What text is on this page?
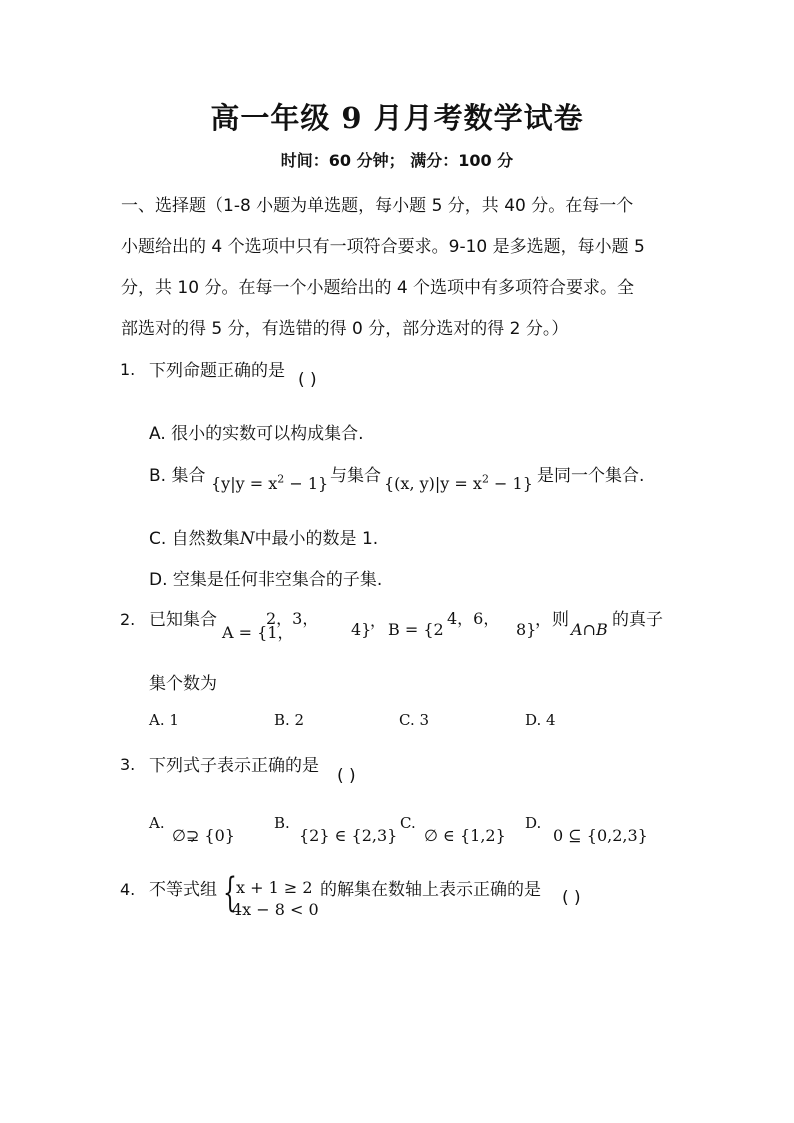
高一年级 9 月月考数学试卷
时间：60 分钟； 满分：100 分

一、选择题（1-8 小题为单选题，每小题 5 分，共 40 分。在每一个

小题给出的 4 个选项中只有一项符合要求。9-10 是多选题，每小题 5

分，共 10 分。在每一个小题给出的 4 个选项中有多项符合要求。全

部选对的得 5 分，有选错的得 0 分，部分选对的得 2 分。）

1. 下列命题正确的是 ( )
A. 很小的实数可以构成集合.
B. 集合 $\{y|y = x^2 - 1\}$ 与集合 {(x, $y)|y = x^2 - 1$} 是同一个集合.
C. 自然数集N中最小的数是 1.
D. 空集是任何非空集合的子集.
2. 已知集合	2，3，
A = {1，	4}
， B = {2
4，6，
8}
，则 A∩B 的真子
集个数为
A. 1	B. 2	C. 3	D. 4
3. 下列式子表示正确的是 ( )
A.
∅⊋ {0}
B.
{2} ∈ {2,3}
C.
∅ ∈ {1,2}
D.
0 ⊆ {0,2,3}
4. 不等式组 { x + 1 ≥ 2
4x − 8 < 0
的解集在数轴上表示正确的是 ( )
